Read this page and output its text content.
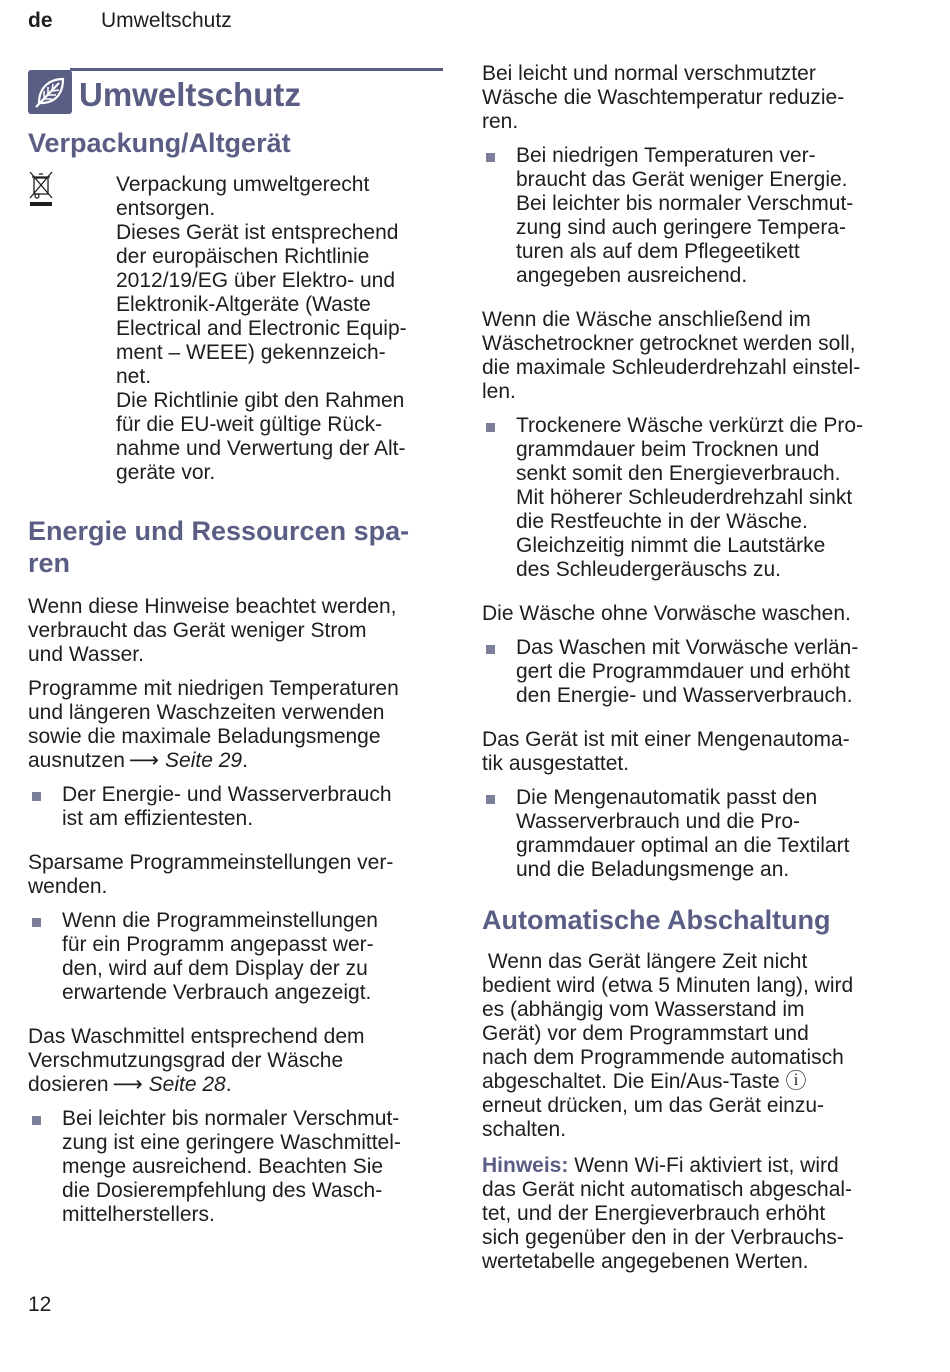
de Umweltschutz
Umweltschutz
Verpackung/Altgerät
Verpackung umweltgerecht
entsorgen.
Dieses Gerät ist entsprechend
der europäischen Richtlinie
2012/19/EG über Elektro- und
Elektronik-Altgeräte (Waste
Electrical and Electronic Equip-
ment – WEEE) gekennzeich-
net.
Die Richtlinie gibt den Rahmen
für die EU-weit gültige Rück-
nahme und Verwertung der Alt-
geräte vor.
Energie und Ressourcen spa-
ren

Wenn diese Hinweise beachtet werden,
verbraucht das Gerät weniger Strom
und Wasser.

Programme mit niedrigen Temperaturen
und längeren Waschzeiten verwenden
sowie die maximale Beladungsmenge
ausnutzen ⟶ Seite 29.

Der Energie- und Wasserverbrauch
ist am effizientesten.

Sparsame Programmeinstellungen ver-
wenden.

Wenn die Programmeinstellungen
für ein Programm angepasst wer-
den, wird auf dem Display der zu
erwartende Verbrauch angezeigt.

Das Waschmittel entsprechend dem
Verschmutzungsgrad der Wäsche
dosieren ⟶ Seite 28.

Bei leichter bis normaler Verschmut-
zung ist eine geringere Waschmittel-
menge ausreichend. Beachten Sie
die Dosierempfehlung des Wasch-
mittelherstellers.

Bei leicht und normal verschmutzter
Wäsche die Waschtemperatur reduzie-
ren.

Bei niedrigen Temperaturen ver-
braucht das Gerät weniger Energie.
Bei leichter bis normaler Verschmut-
zung sind auch geringere Tempera-
turen als auf dem Pflegeetikett
angegeben ausreichend.

Wenn die Wäsche anschließend im
Wäschetrockner getrocknet werden soll,
die maximale Schleuderdrehzahl einstel-
len.

Trockenere Wäsche verkürzt die Pro-
grammdauer beim Trocknen und
senkt somit den Energieverbrauch.
Mit höherer Schleuderdrehzahl sinkt
die Restfeuchte in der Wäsche.
Gleichzeitig nimmt die Lautstärke
des Schleudergeräuschs zu.

Die Wäsche ohne Vorwäsche waschen.

Das Waschen mit Vorwäsche verlän-
gert die Programmdauer und erhöht
den Energie- und Wasserverbrauch.

Das Gerät ist mit einer Mengenautoma-
tik ausgestattet.

Die Mengenautomatik passt den
Wasserverbrauch und die Pro-
grammdauer optimal an die Textilart
und die Beladungsmenge an.
Automatische Abschaltung

Wenn das Gerät längere Zeit nicht
bedient wird (etwa 5 Minuten lang), wird
es (abhängig vom Wasserstand im
Gerät) vor dem Programmstart und
nach dem Programmende automatisch
abgeschaltet. Die Ein/Aus-Taste ⓘ
erneut drücken, um das Gerät einzu-
schalten.

Hinweis: Wenn Wi-Fi aktiviert ist, wird
das Gerät nicht automatisch abgeschal-
tet, und der Energieverbrauch erhöht
sich gegenüber den in der Verbrauchs-
wertetabelle angegebenen Werten.

12
